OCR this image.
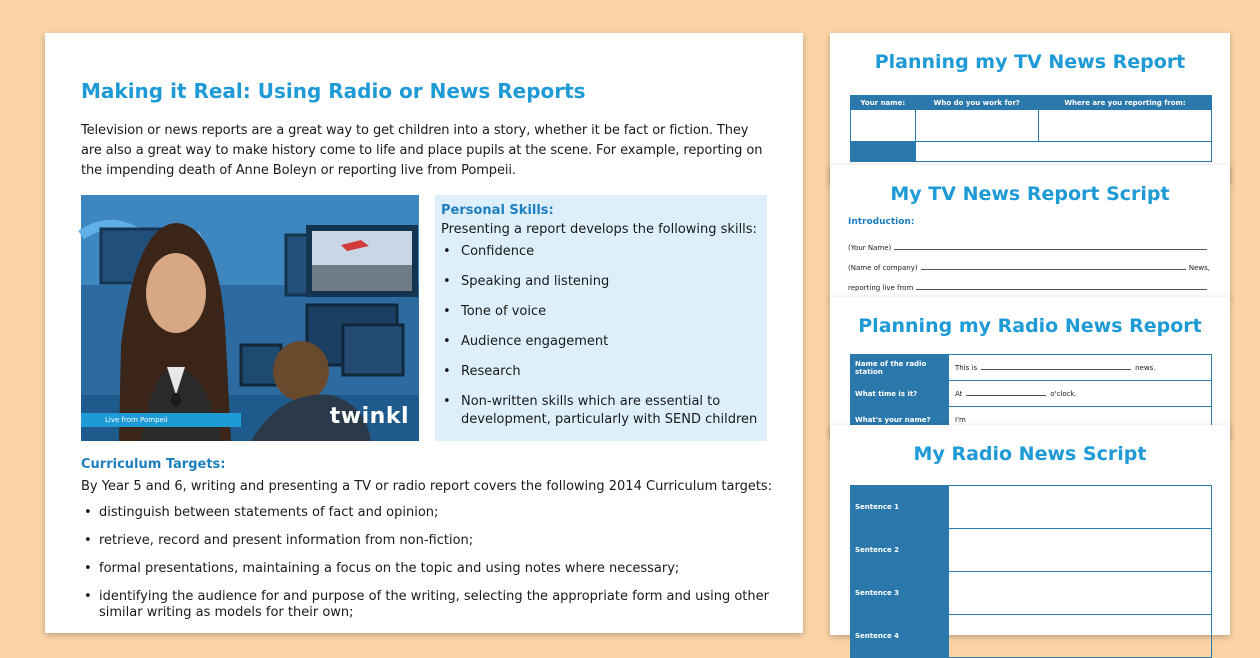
Making it Real: Using Radio or News Reports

Television or news reports are a great way to get children into a story, whether it be fact or fiction. They are also a great way to make history come to life and place pupils at the scene. For example, reporting on the impending death of Anne Boleyn or reporting live from Pompeii.

Live from Pompeii	twinkl
Personal Skills:
Presenting a report develops the following skills:
• Confidence
• Speaking and listening
• Tone of voice
• Audience engagement
• Research
• Non-written skills which are essential to development, particularly with SEND children
Curriculum Targets:
By Year 5 and 6, writing and presenting a TV or radio report covers the following 2014 Curriculum targets:
• distinguish between statements of fact and opinion;
• retrieve, record and present information from non-fiction;
• formal presentations, maintaining a focus on the topic and using notes where necessary;
• identifying the audience for and purpose of the writing, selecting the appropriate form and using other similar writing as models for their own;
Planning my TV News Report
Your name:	Who do you work for?	Where are you reporting from:

My TV News Report Script
Introduction:
(Your Name)
(Name of company)	News,
reporting live from
Planning my Radio News Report
Name of the radio station	This is news.
What time is it?	At o'clock.
What's your name?	I'm
My Radio News Script
Sentence 1	
Sentence 2	
Sentence 3	
Sentence 4	
